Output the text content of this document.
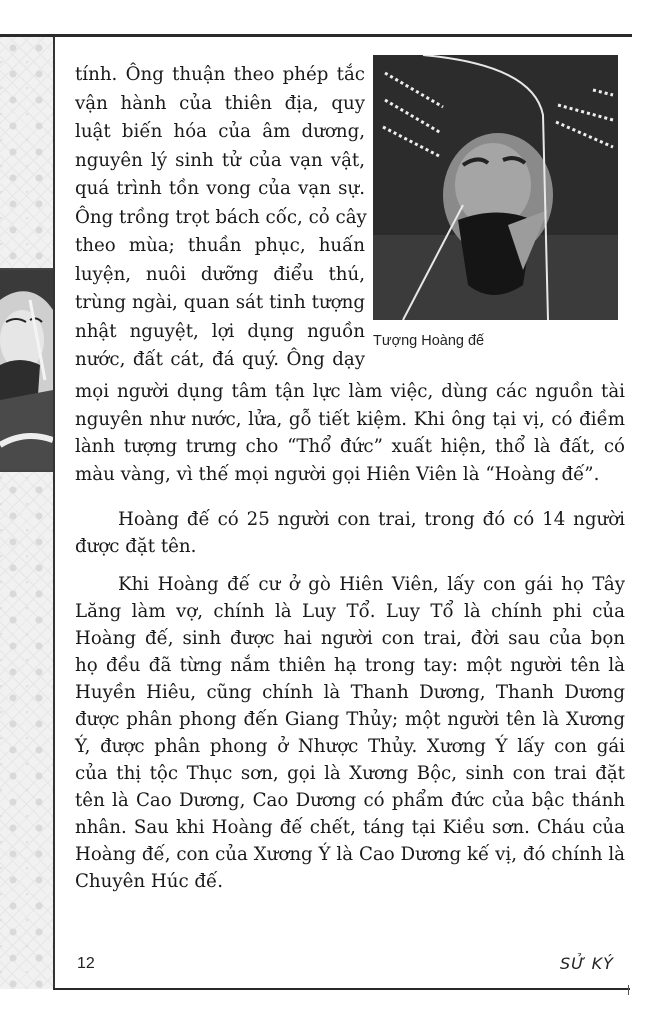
Tượng Hoàng đế
tính. Ông thuận theo phép tắc
vận hành của thiên địa, quy
luật biến hóa của âm dương,
nguyên lý sinh tử của vạn vật,
quá trình tồn vong của vạn sự.
Ông trồng trọt bách cốc, cỏ cây
theo mùa; thuần phục, huấn
luyện, nuôi dưỡng điểu thú,
trùng ngài, quan sát tinh tượng
nhật nguyệt, lợi dụng nguồn
nước, đất cát, đá quý. Ông dạy
mọi người dụng tâm tận lực làm việc, dùng các nguồn tài
nguyên như nước, lửa, gỗ tiết kiệm. Khi ông tại vị, có điềm
lành tượng trưng cho “Thổ đức” xuất hiện, thổ là đất, có
màu vàng, vì thế mọi người gọi Hiên Viên là “Hoàng đế”.
Hoàng đế có 25 người con trai, trong đó có 14 người
được đặt tên.
Khi Hoàng đế cư ở gò Hiên Viên, lấy con gái họ Tây
Lăng làm vợ, chính là Luy Tổ. Luy Tổ là chính phi của
Hoàng đế, sinh được hai người con trai, đời sau của bọn
họ đều đã từng nắm thiên hạ trong tay: một người tên là
Huyền Hiêu, cũng chính là Thanh Dương, Thanh Dương
được phân phong đến Giang Thủy; một người tên là Xương
Ý, được phân phong ở Nhược Thủy. Xương Ý lấy con gái
của thị tộc Thục sơn, gọi là Xương Bộc, sinh con trai đặt
tên là Cao Dương, Cao Dương có phẩm đức của bậc thánh
nhân. Sau khi Hoàng đế chết, táng tại Kiều sơn. Cháu của
Hoàng đế, con của Xương Ý là Cao Dương kế vị, đó chính là
Chuyên Húc đế.
12	SỬ KÝ
